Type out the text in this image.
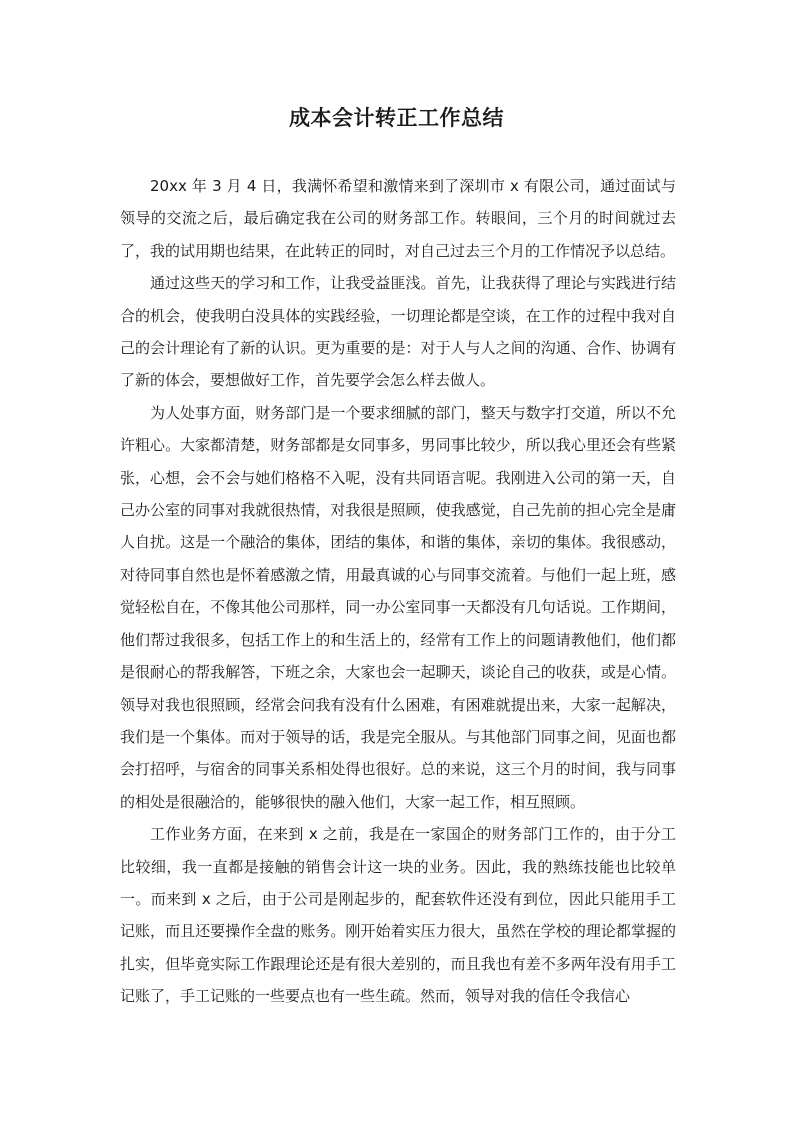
成本会计转正工作总结

20xx 年 3 月 4 日，我满怀希望和激情来到了深圳市 x 有限公司，通过面试与领导的交流之后，最后确定我在公司的财务部工作。转眼间，三个月的时间就过去了，我的试用期也结果，在此转正的同时，对自己过去三个月的工作情况予以总结。

通过这些天的学习和工作，让我受益匪浅。首先，让我获得了理论与实践进行结合的机会，使我明白没具体的实践经验，一切理论都是空谈，在工作的过程中我对自己的会计理论有了新的认识。更为重要的是：对于人与人之间的沟通、合作、协调有了新的体会，要想做好工作，首先要学会怎么样去做人。

为人处事方面，财务部门是一个要求细腻的部门，整天与数字打交道，所以不允许粗心。大家都清楚，财务部都是女同事多，男同事比较少，所以我心里还会有些紧张，心想，会不会与她们格格不入呢，没有共同语言呢。我刚进入公司的第一天，自己办公室的同事对我就很热情，对我很是照顾，使我感觉，自己先前的担心完全是庸人自扰。这是一个融洽的集体，团结的集体，和谐的集体，亲切的集体。我很感动，对待同事自然也是怀着感激之情，用最真诚的心与同事交流着。与他们一起上班，感觉轻松自在，不像其他公司那样，同一办公室同事一天都没有几句话说。工作期间，他们帮过我很多，包括工作上的和生活上的，经常有工作上的问题请教他们，他们都是很耐心的帮我解答，下班之余，大家也会一起聊天，谈论自己的收获，或是心情。领导对我也很照顾，经常会问我有没有什么困难，有困难就提出来，大家一起解决，我们是一个集体。而对于领导的话，我是完全服从。与其他部门同事之间，见面也都会打招呼，与宿舍的同事关系相处得也很好。总的来说，这三个月的时间，我与同事的相处是很融洽的，能够很快的融入他们，大家一起工作，相互照顾。

工作业务方面，在来到 x 之前，我是在一家国企的财务部门工作的，由于分工比较细，我一直都是接触的销售会计这一块的业务。因此，我的熟练技能也比较单一。而来到 x 之后，由于公司是刚起步的，配套软件还没有到位，因此只能用手工记账，而且还要操作全盘的账务。刚开始着实压力很大，虽然在学校的理论都掌握的扎实，但毕竟实际工作跟理论还是有很大差别的，而且我也有差不多两年没有用手工记账了，手工记账的一些要点也有一些生疏。然而，领导对我的信任令我信心
